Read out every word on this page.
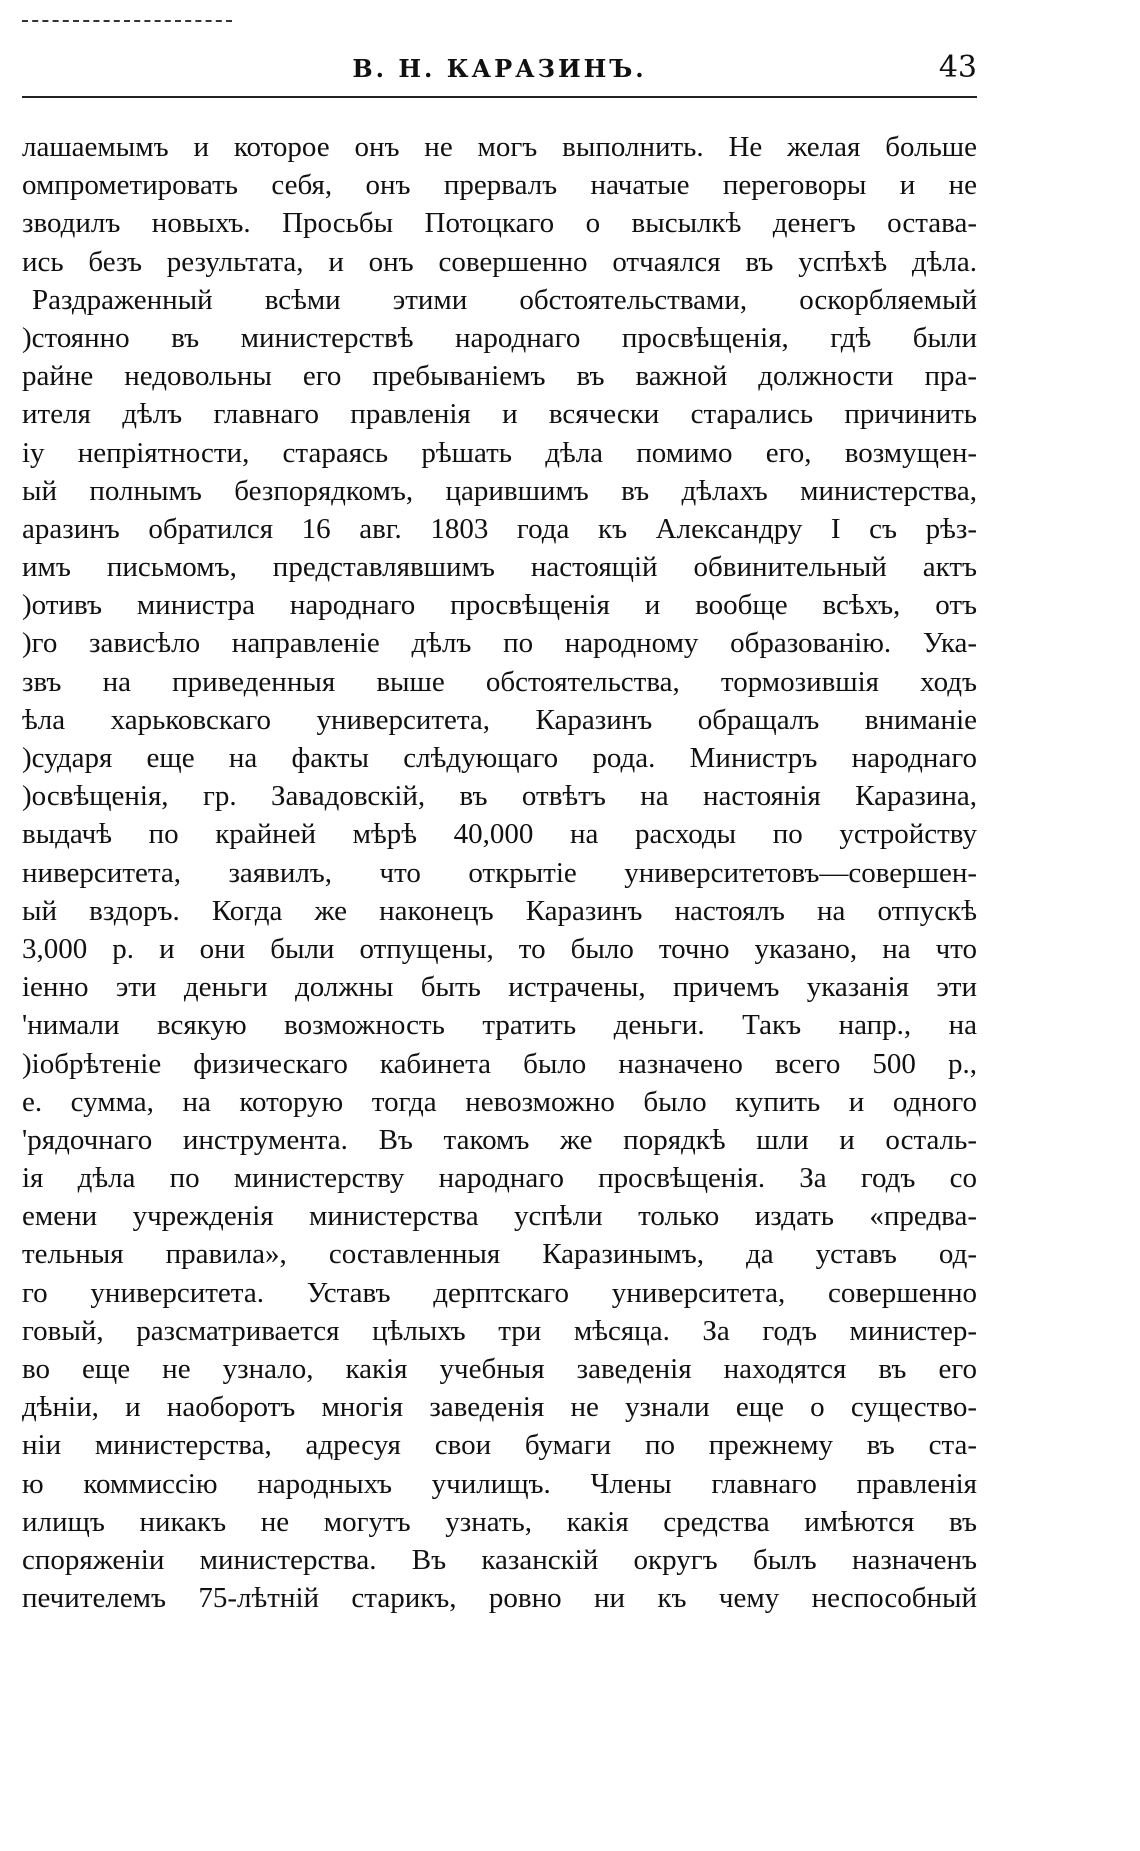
В. Н. КАРАЗИНЪ.	43
лашаемымъ и которое онъ не могъ выполнить. Не желая больше
омпрометировать себя, онъ прервалъ начатые переговоры и не
зводилъ новыхъ. Просьбы Потоцкаго о высылкѣ денегъ остава-
ись безъ результата, и онъ совершенно отчаялся въ успѣхѣ дѣла.
Раздраженный всѣми этими обстоятельствами, оскорбляемый
)стоянно въ министерствѣ народнаго просвѣщенія, гдѣ были
райне недовольны его пребываніемъ въ важной должности пра-
ителя дѣлъ главнаго правленія и всячески старались причинить
іу непріятности, стараясь рѣшать дѣла помимо его, возмущен-
ый полнымъ безпорядкомъ, царившимъ въ дѣлахъ министерства,
аразинъ обратился 16 авг. 1803 года къ Александру I съ рѣз-
имъ письмомъ, представлявшимъ настоящій обвинительный актъ
)отивъ министра народнаго просвѣщенія и вообще всѣхъ, отъ
)го зависѣло направленіе дѣлъ по народному образованію. Ука-
звъ на приведенныя выше обстоятельства, тормозившія ходъ
ѣла харьковскаго университета, Каразинъ обращалъ вниманіе
)сударя еще на факты слѣдующаго рода. Министръ народнаго
)освѣщенія, гр. Завадовскій, въ отвѣтъ на настоянія Каразина,
выдачѣ по крайней мѣрѣ 40,000 на расходы по устройству
ниверситета, заявилъ, что открытіе университетовъ—совершен-
ый вздоръ. Когда же наконецъ Каразинъ настоялъ на отпускѣ
3,000 р. и они были отпущены, то было точно указано, на что
іенно эти деньги должны быть истрачены, причемъ указанія эти
'нимали всякую возможность тратить деньги. Такъ напр., на
)іобрѣтеніе физическаго кабинета было назначено всего 500 р.,
е. сумма, на которую тогда невозможно было купить и одного
'рядочнаго инструмента. Въ такомъ же порядкѣ шли и осталь-
ія дѣла по министерству народнаго просвѣщенія. За годъ со
емени учрежденія министерства успѣли только издать «предва-
тельныя правила», составленныя Каразинымъ, да уставъ од-
го университета. Уставъ дерптскаго университета, совершенно
говый, разсматривается цѣлыхъ три мѣсяца. За годъ министер-
во еще не узнало, какія учебныя заведенія находятся въ его
дѣніи, и наоборотъ многія заведенія не узнали еще о существо-
ніи министерства, адресуя свои бумаги по прежнему въ ста-
ю коммиссію народныхъ училищъ. Члены главнаго правленія
илищъ никакъ не могутъ узнать, какія средства имѣются въ
споряженіи министерства. Въ казанскій округъ былъ назначенъ
печителемъ 75-лѣтній старикъ, ровно ни къ чему неспособный
